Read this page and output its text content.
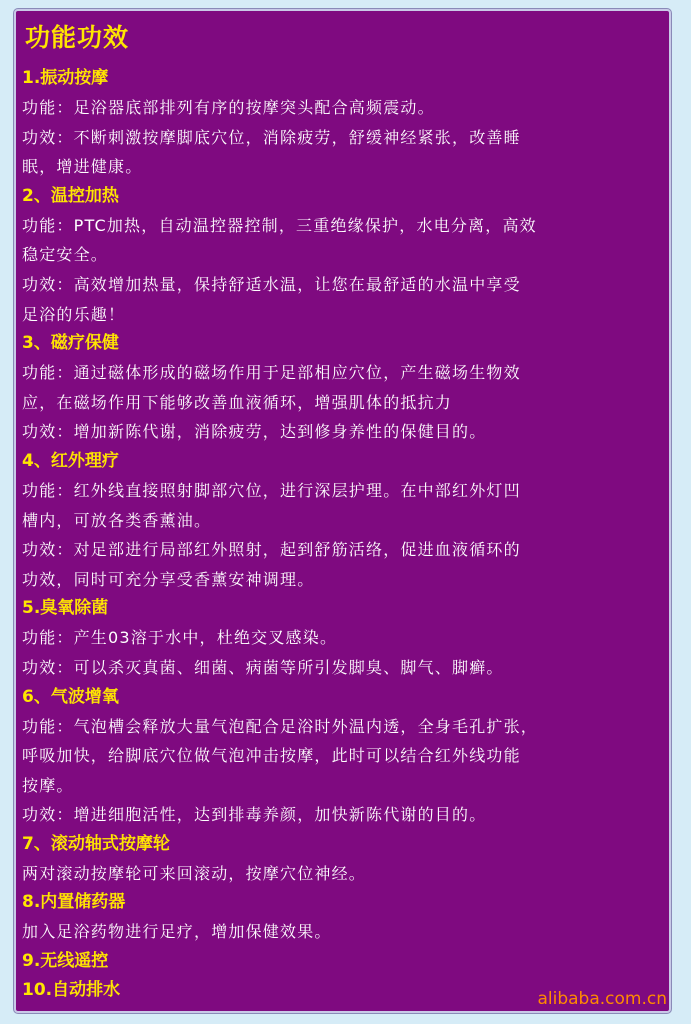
功能功效
1.振动按摩
功能：足浴器底部排列有序的按摩突头配合高频震动。
功效：不断刺激按摩脚底穴位，消除疲劳，舒缓神经紧张，改善睡
眠，增进健康。
2、温控加热
功能：PTC加热，自动温控器控制，三重绝缘保护，水电分离，高效
稳定安全。
功效：高效增加热量，保持舒适水温，让您在最舒适的水温中享受
足浴的乐趣！
3、磁疗保健
功能：通过磁体形成的磁场作用于足部相应穴位，产生磁场生物效
应，在磁场作用下能够改善血液循环，增强肌体的抵抗力
功效：增加新陈代谢，消除疲劳，达到修身养性的保健目的。
4、红外理疗
功能：红外线直接照射脚部穴位，进行深层护理。在中部红外灯凹
槽内，可放各类香薰油。
功效：对足部进行局部红外照射，起到舒筋活络，促进血液循环的
功效，同时可充分享受香薰安神调理。
5.臭氧除菌
功能：产生03溶于水中，杜绝交叉感染。
功效：可以杀灭真菌、细菌、病菌等所引发脚臭、脚气、脚癣。
6、气波增氧
功能：气泡槽会释放大量气泡配合足浴时外温内透，全身毛孔扩张，
呼吸加快，给脚底穴位做气泡冲击按摩，此时可以结合红外线功能
按摩。
功效：增进细胞活性，达到排毒养颜，加快新陈代谢的目的。
7、滚动轴式按摩轮
两对滚动按摩轮可来回滚动，按摩穴位神经。
8.内置储药器
加入足浴药物进行足疗，增加保健效果。
9.无线遥控
10.自动排水	alibaba.com.cn
